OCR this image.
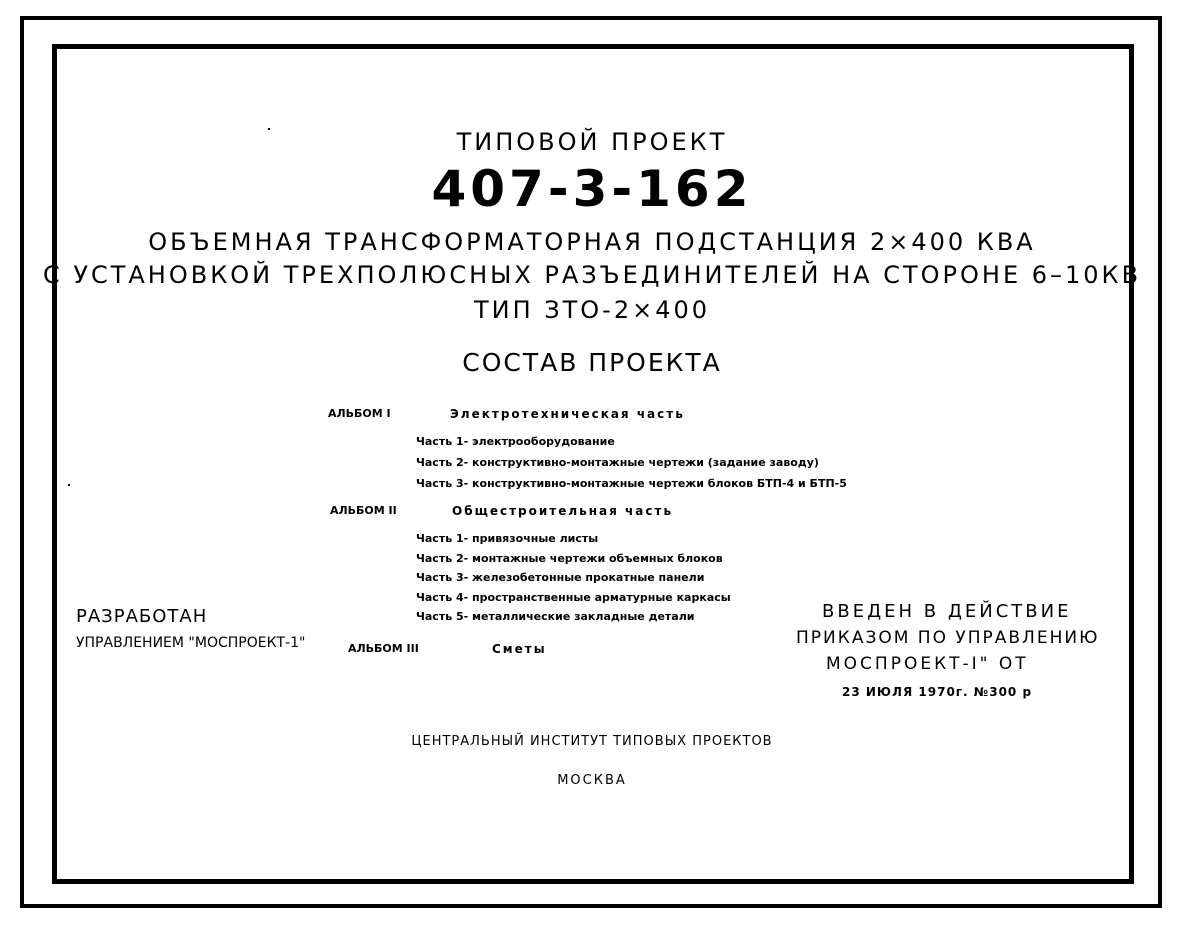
ТИПОВОЙ ПРОЕКТ
407-3-162
ОБЪЕМНАЯ ТРАНСФОРМАТОРНАЯ ПОДСТАНЦИЯ 2×400 КВА
С УСТАНОВКОЙ ТРЕХПОЛЮСНЫХ РАЗЪЕДИНИТЕЛЕЙ НА СТОРОНЕ 6–10КВ
ТИП ЗТО-2×400
СОСТАВ ПРОЕКТА
АЛЬБОМ I	Электротехническая часть
Часть 1- электрооборудование
Часть 2- конструктивно-монтажные чертежи (задание заводу)
Часть 3- конструктивно-монтажные чертежи блоков БТП-4 и БТП-5
АЛЬБОМ II	Общестроительная часть
Часть 1- привязочные листы
Часть 2- монтажные чертежи объемных блоков
Часть 3- железобетонные прокатные панели
Часть 4- пространственные арматурные каркасы
Часть 5- металлические закладные детали
АЛЬБОМ III	Сметы
РАЗРАБОТАН
УПРАВЛЕНИЕМ "МОСПРОЕКТ-1"
ВВЕДЕН В ДЕЙСТВИЕ
ПРИКАЗОМ ПО УПРАВЛЕНИЮ
МОСПРОЕКТ-I" ОТ
23 ИЮЛЯ 1970г. №300 р
ЦЕНТРАЛЬНЫЙ ИНСТИТУТ ТИПОВЫХ ПРОЕКТОВ
МОСКВА
